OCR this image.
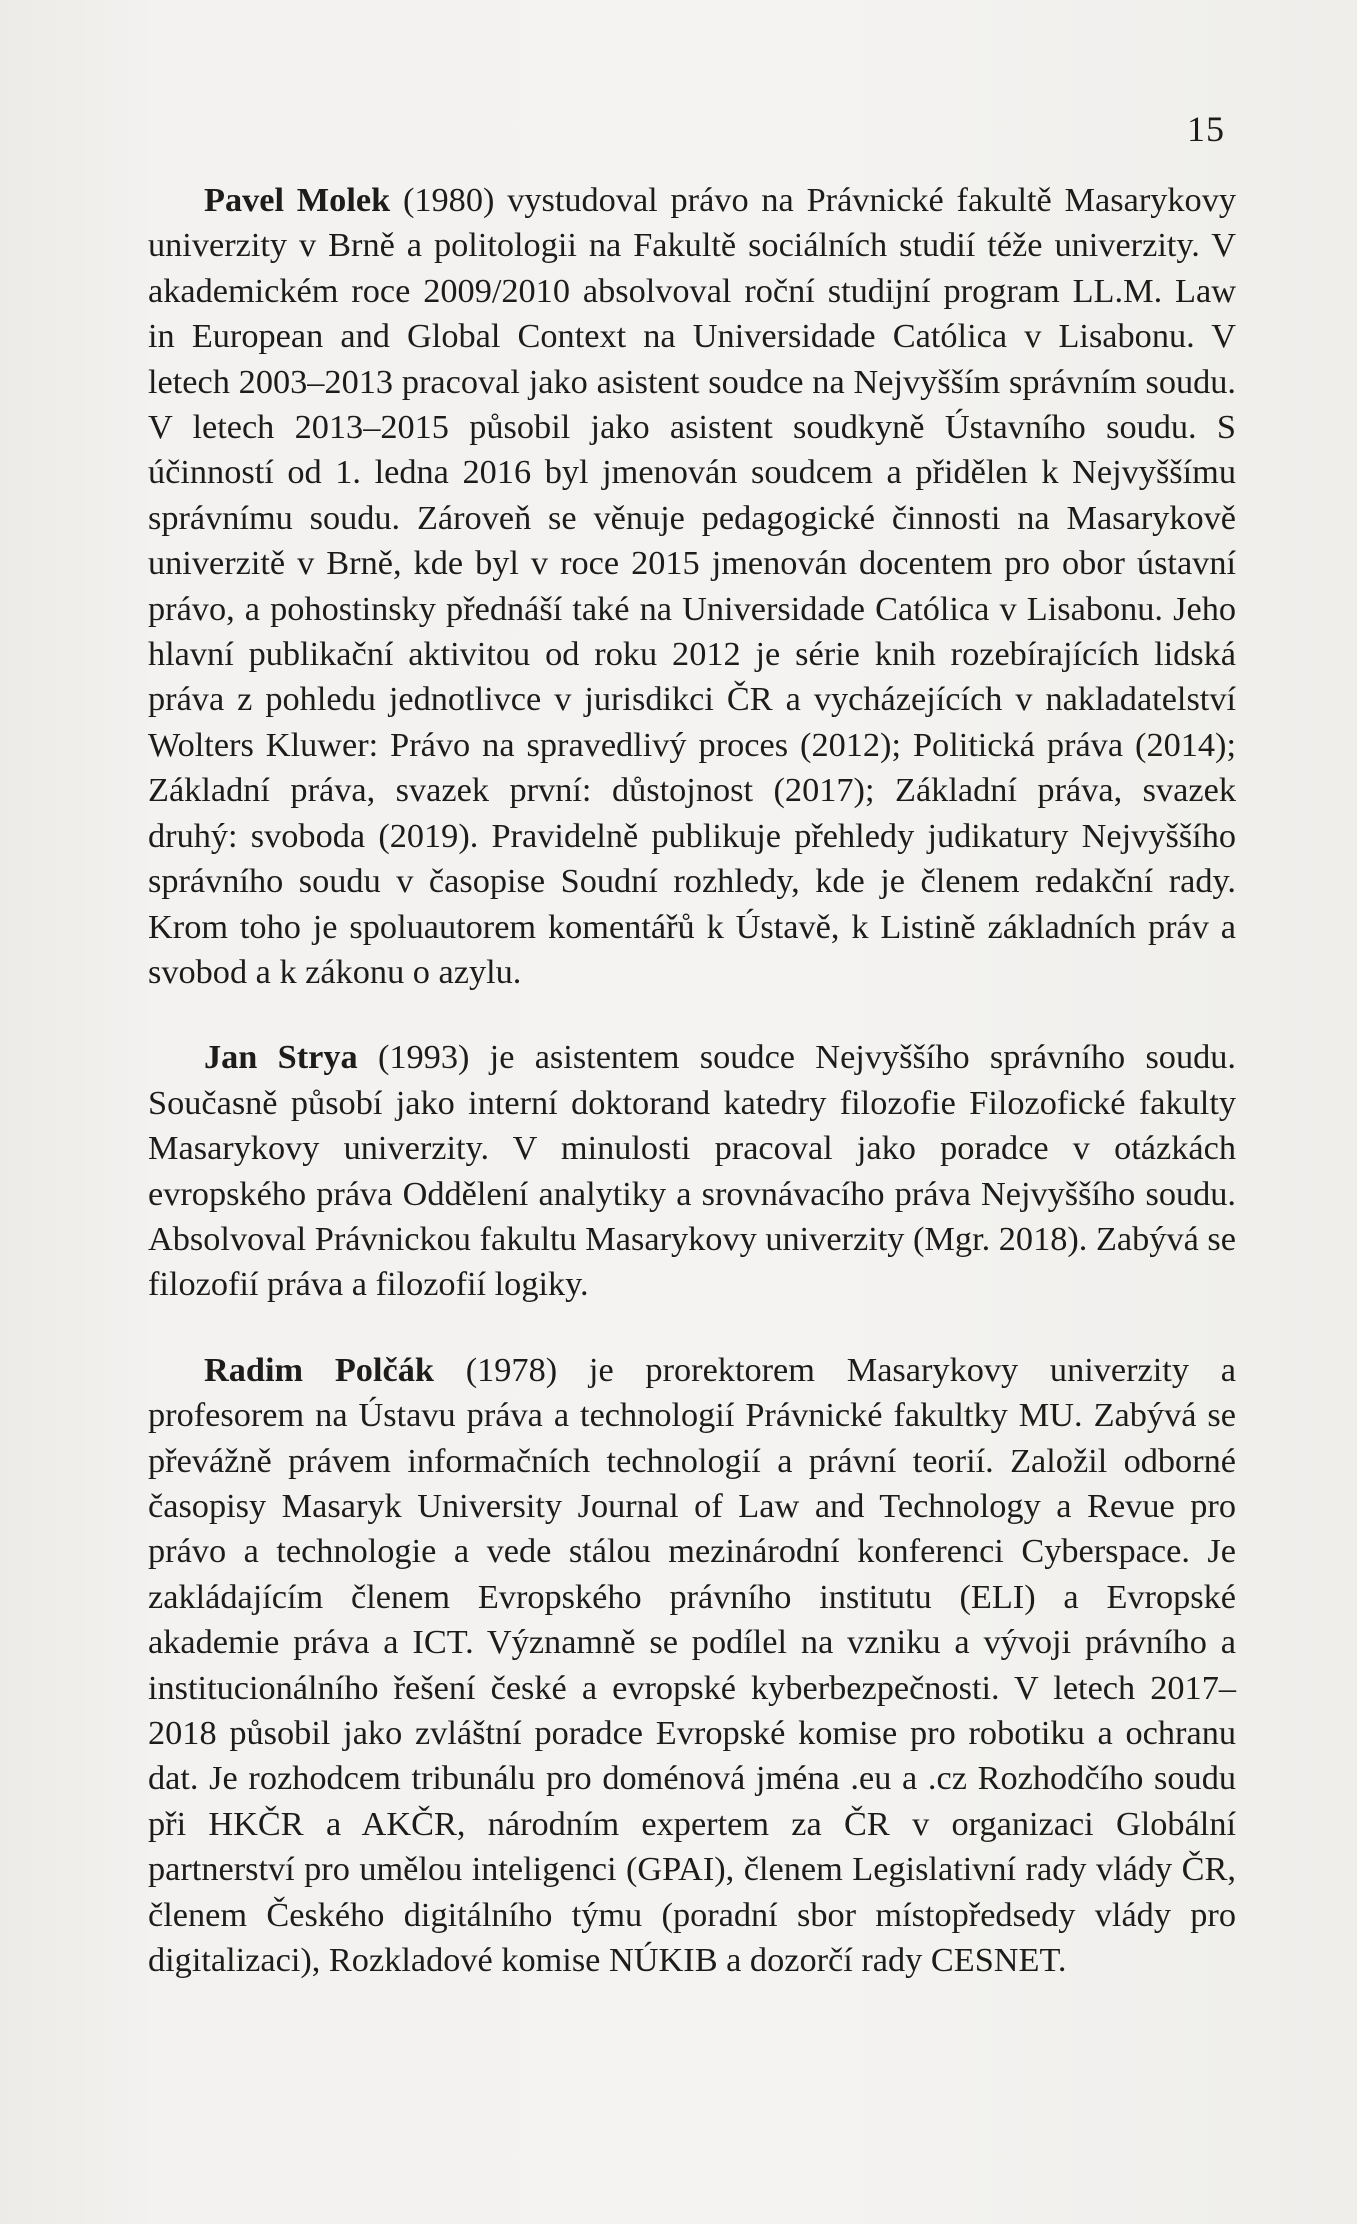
15

Pavel Molek (1980) vystudoval právo na Právnické fakultě Masarykovy univerzity v Brně a politologii na Fakultě sociálních studií téže univerzity. V akademickém roce 2009/2010 absolvoval roční studijní program LL.M. Law in European and Global Context na Universidade Católica v Lisabonu. V letech 2003–2013 pracoval jako asistent soudce na Nejvyšším správním soudu. V letech 2013–2015 působil jako asistent soudkyně Ústavního soudu. S účinností od 1. ledna 2016 byl jmenován soudcem a přidělen k Nejvyššímu správnímu soudu. Zároveň se věnuje pedagogické činnosti na Masarykově univerzitě v Brně, kde byl v roce 2015 jmenován docentem pro obor ústavní právo, a pohostinsky přednáší také na Universidade Católica v Lisabonu. Jeho hlavní publikační aktivitou od roku 2012 je série knih rozebírajících lidská práva z pohledu jednotlivce v jurisdikci ČR a vycházejících v nakladatelství Wolters Kluwer: Právo na spravedlivý proces (2012); Politická práva (2014); Základní práva, svazek první: důstojnost (2017); Základní práva, svazek druhý: svoboda (2019). Pravidelně publikuje přehledy judikatury Nejvyššího správního soudu v časopise Soudní rozhledy, kde je členem redakční rady. Krom toho je spoluautorem komentářů k Ústavě, k Listině základních práv a svobod a k zákonu o azylu.

Jan Strya (1993) je asistentem soudce Nejvyššího správního soudu. Současně působí jako interní doktorand katedry filozofie Filozofické fakulty Masarykovy univerzity. V minulosti pracoval jako poradce v otázkách evropského práva Oddělení analytiky a srovnávacího práva Nejvyššího soudu. Absolvoval Právnickou fakultu Masarykovy univerzity (Mgr. 2018). Zabývá se filozofií práva a filozofií logiky.

Radim Polčák (1978) je prorektorem Masarykovy univerzity a profesorem na Ústavu práva a technologií Právnické fakultky MU. Zabývá se převážně právem informačních technologií a právní teorií. Založil odborné časopisy Masaryk University Journal of Law and Technology a Revue pro právo a technologie a vede stálou mezinárodní konferenci Cyberspace. Je zakládajícím členem Evropského právního institutu (ELI) a Evropské akademie práva a ICT. Významně se podílel na vzniku a vývoji právního a institucionálního řešení české a evropské kyberbezpečnosti. V letech 2017–2018 působil jako zvláštní poradce Evropské komise pro robotiku a ochranu dat. Je rozhodcem tribunálu pro doménová jména .eu a .cz Rozhodčího soudu při HKČR a AKČR, národním expertem za ČR v organizaci Globální partnerství pro umělou inteligenci (GPAI), členem Legislativní rady vlády ČR, členem Českého digitálního týmu (poradní sbor místopředsedy vlády pro digitalizaci), Rozkladové komise NÚKIB a dozorčí rady CESNET.
